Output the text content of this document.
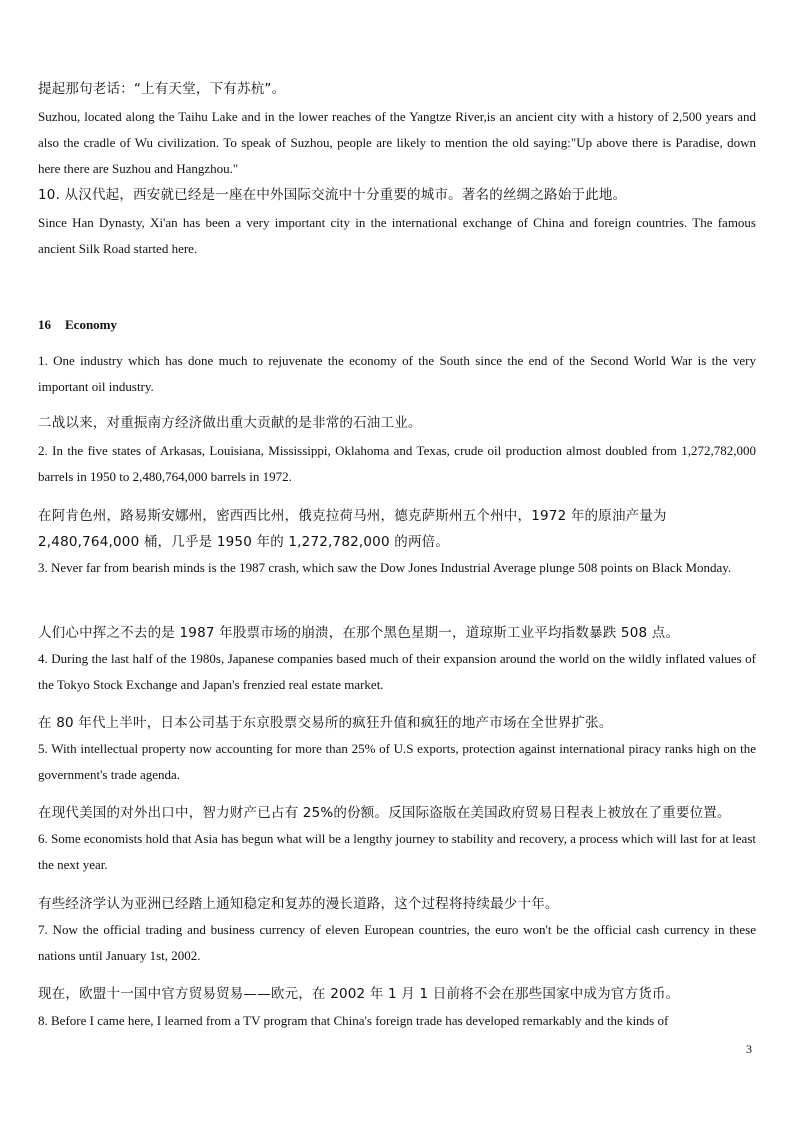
提起那句老话：“上有天堂，下有苏杭”。
Suzhou, located along the Taihu Lake and in the lower reaches of the Yangtze River,is an ancient city with a history of 2,500 years and also the cradle of Wu civilization. To speak of Suzhou, people are likely to mention the old saying:"Up above there is Paradise, down here there are Suzhou and Hangzhou."
10. 从汉代起，西安就已经是一座在中外国际交流中十分重要的城市。著名的丝绸之路始于此地。
Since Han Dynasty, Xi'an has been a very important city in the international exchange of China and foreign countries. The famous ancient Silk Road started here.
16 Economy
1. One industry which has done much to rejuvenate the economy of the South since the end of the Second World War is the very important oil industry.
二战以来，对重振南方经济做出重大贡献的是非常的石油工业。
2. In the five states of Arkasas, Louisiana, Mississippi, Oklahoma and Texas, crude oil production almost doubled from 1,272,782,000 barrels in 1950 to 2,480,764,000 barrels in 1972.
在阿肯色州，路易斯安娜州，密西西比州，俄克拉荷马州，德克萨斯州五个州中，1972 年的原油产量为 2,480,764,000 桶，几乎是 1950 年的 1,272,782,000 的两倍。
3. Never far from bearish minds is the 1987 crash, which saw the Dow Jones Industrial Average plunge 508 points on Black Monday.
人们心中挥之不去的是 1987 年股票市场的崩溃，在那个黑色星期一，道琼斯工业平均指数暴跌 508 点。
4. During the last half of the 1980s, Japanese companies based much of their expansion around the world on the wildly inflated values of the Tokyo Stock Exchange and Japan's frenzied real estate market.
在 80 年代上半叶，日本公司基于东京股票交易所的疯狂升值和疯狂的地产市场在全世界扩张。
5. With intellectual property now accounting for more than 25% of U.S exports, protection against international piracy ranks high on the government's trade agenda.
在现代美国的对外出口中，智力财产已占有 25%的份额。反国际盗版在美国政府贸易日程表上被放在了重要位置。
6. Some economists hold that Asia has begun what will be a lengthy journey to stability and recovery, a process which will last for at least the next year.
有些经济学认为亚洲已经踏上通知稳定和复苏的漫长道路，这个过程将持续最少十年。
7. Now the official trading and business currency of eleven European countries, the euro won't be the official cash currency in these nations until January 1st, 2002.
现在，欧盟十一国中官方贸易贸易——欧元，在 2002 年 1 月 1 日前将不会在那些国家中成为官方货币。
8. Before I came here, I learned from a TV program that China's foreign trade has developed remarkably and the kinds of
3
